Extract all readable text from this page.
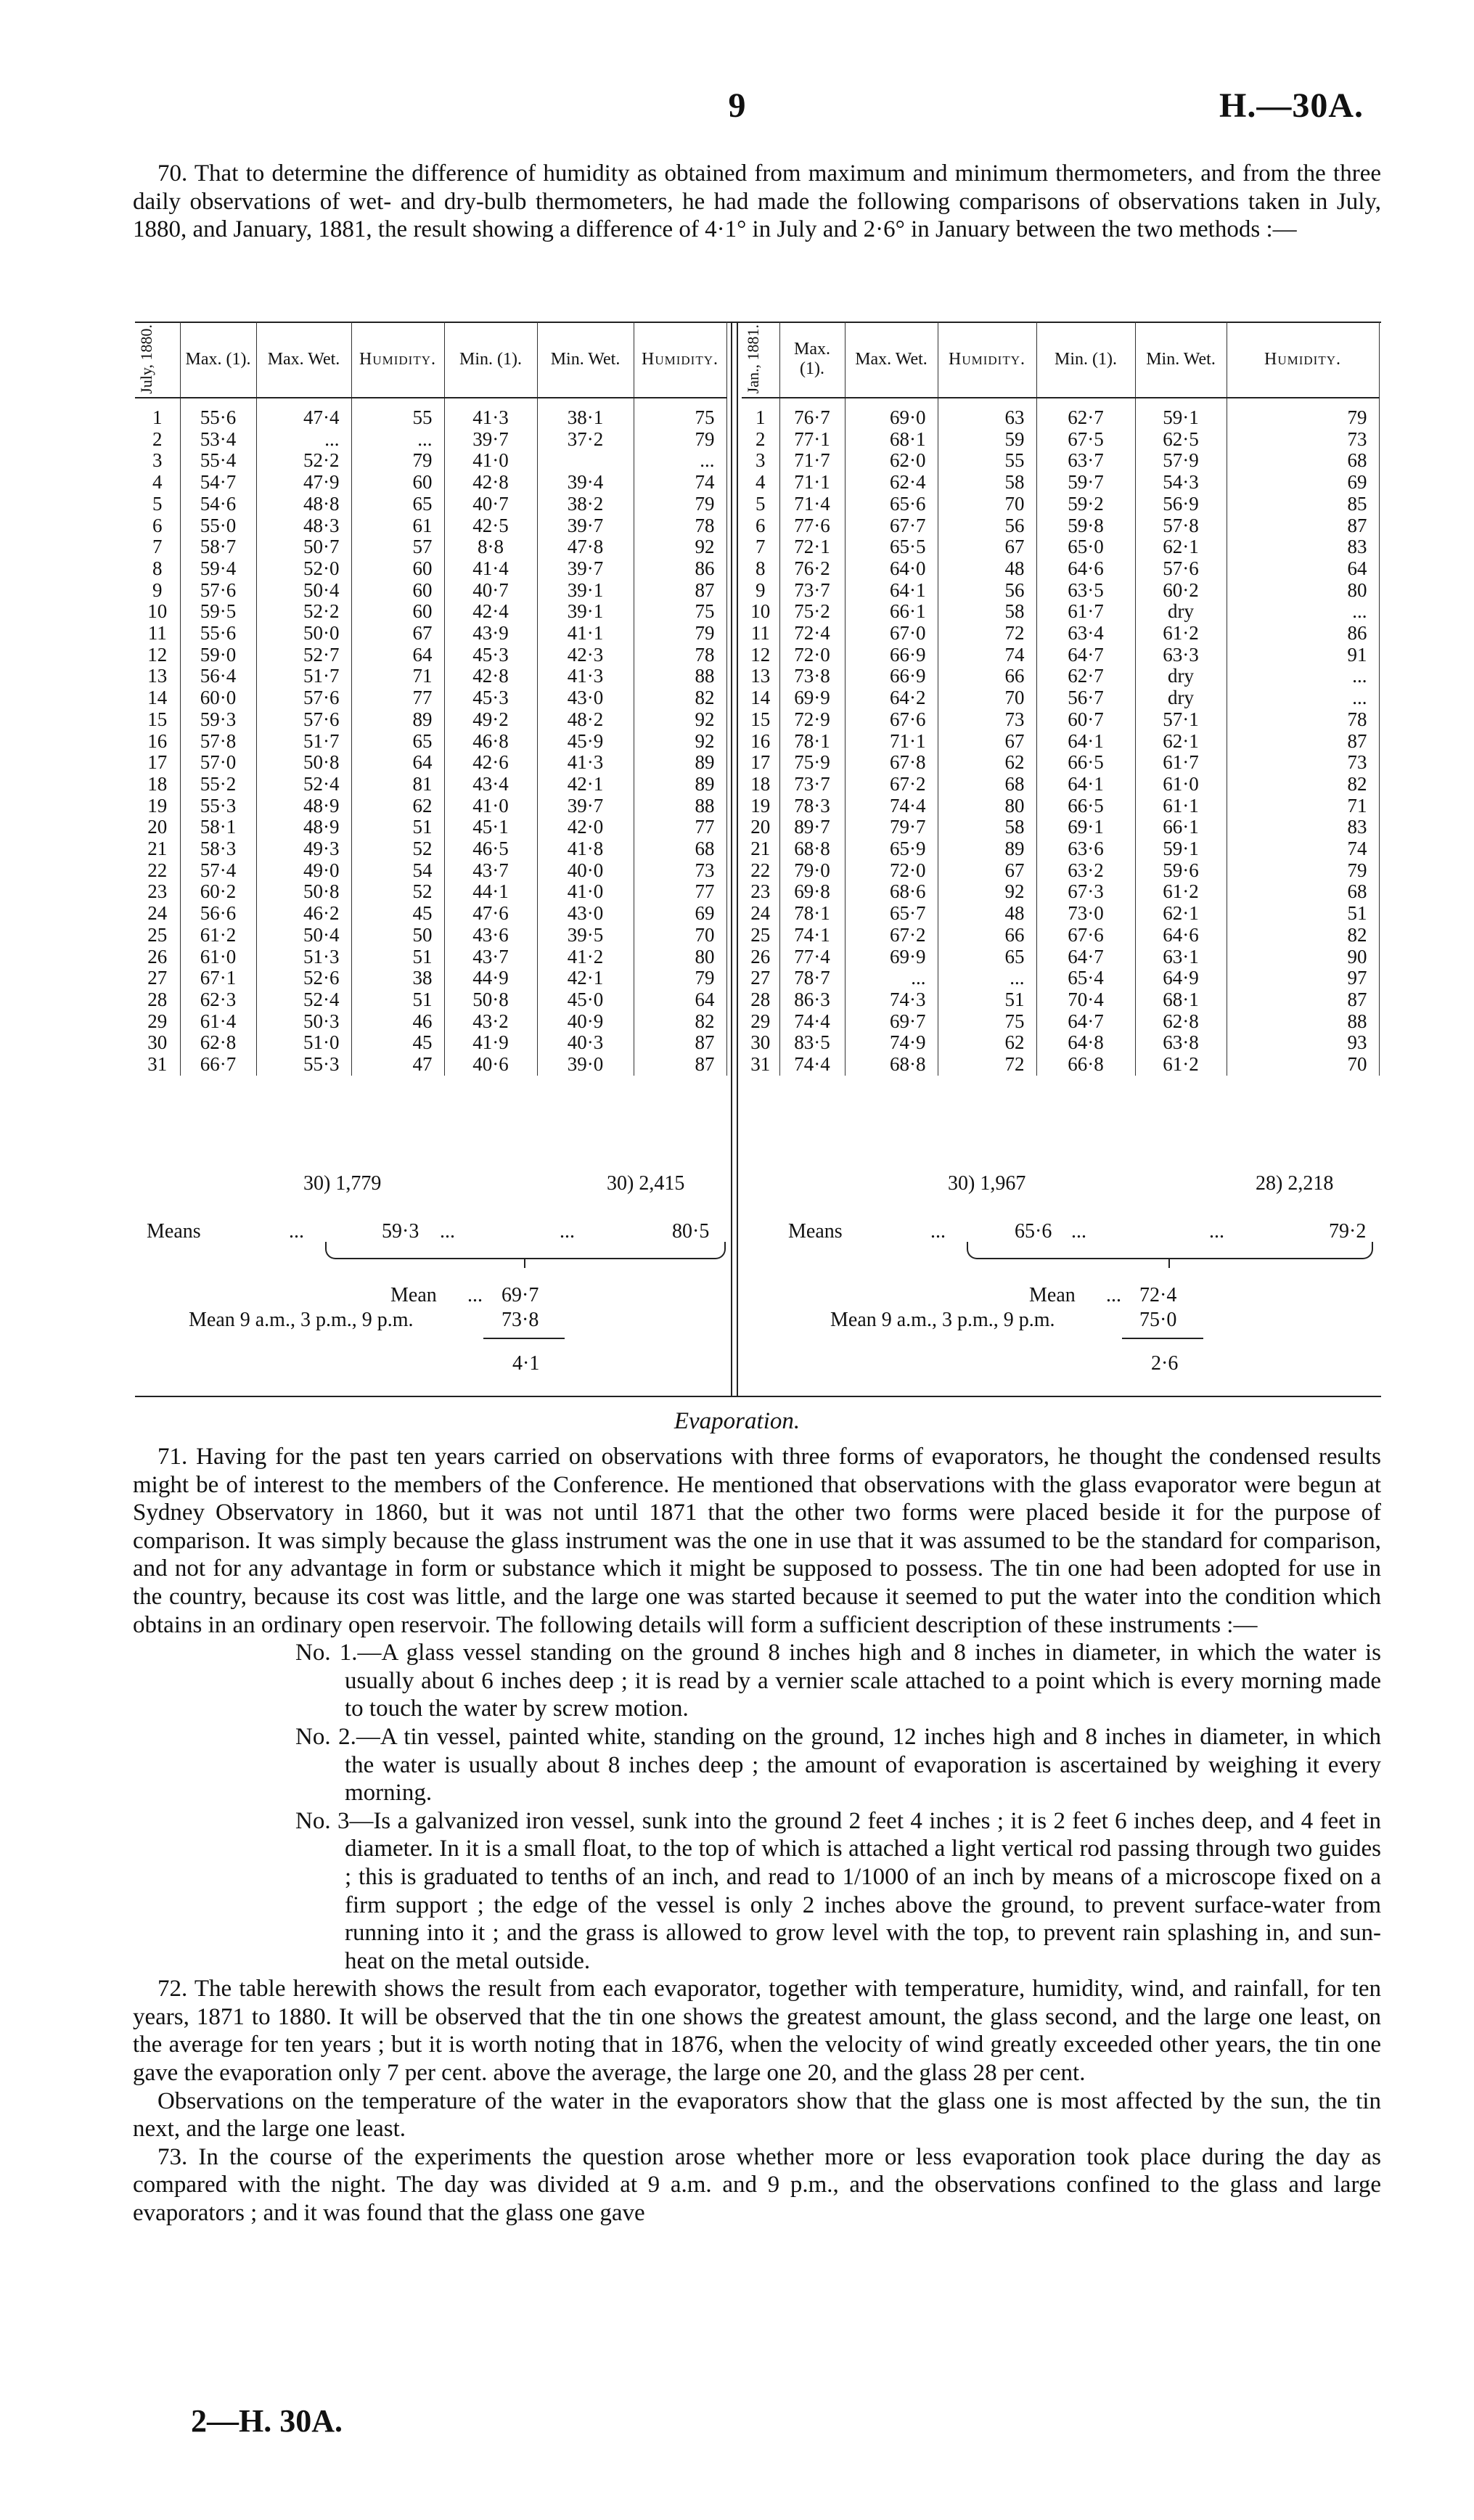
9	H.—30A.

70. That to determine the difference of humidity as obtained from maximum and minimum thermometers, and from the three daily observations of wet- and dry-bulb thermometers, he had made the following comparisons of observations taken in July, 1880, and January, 1881, the result showing a difference of 4·1° in July and 2·6° in January between the two methods :—

July, 1880.	Max. (1).	Max. Wet.	Humidity.	Min. (1).	Min. Wet.	Humidity.
1	55·6	47·4	55	41·3	38·1	75
2	53·4	...	...	39·7	37·2	79
3	55·4	52·2	79	41·0		...
4	54·7	47·9	60	42·8	39·4	74
5	54·6	48·8	65	40·7	38·2	79
6	55·0	48·3	61	42·5	39·7	78
7	58·7	50·7	57	8·8	47·8	92
8	59·4	52·0	60	41·4	39·7	86
9	57·6	50·4	60	40·7	39·1	87
10	59·5	52·2	60	42·4	39·1	75
11	55·6	50·0	67	43·9	41·1	79
12	59·0	52·7	64	45·3	42·3	78
13	56·4	51·7	71	42·8	41·3	88
14	60·0	57·6	77	45·3	43·0	82
15	59·3	57·6	89	49·2	48·2	92
16	57·8	51·7	65	46·8	45·9	92
17	57·0	50·8	64	42·6	41·3	89
18	55·2	52·4	81	43·4	42·1	89
19	55·3	48·9	62	41·0	39·7	88
20	58·1	48·9	51	45·1	42·0	77
21	58·3	49·3	52	46·5	41·8	68
22	57·4	49·0	54	43·7	40·0	73
23	60·2	50·8	52	44·1	41·0	77
24	56·6	46·2	45	47·6	43·0	69
25	61·2	50·4	50	43·6	39·5	70
26	61·0	51·3	51	43·7	41·2	80
27	67·1	52·6	38	44·9	42·1	79
28	62·3	52·4	51	50·8	45·0	64
29	61·4	50·3	46	43·2	40·9	82
30	62·8	51·0	45	41·9	40·3	87
31	66·7	55·3	47	40·6	39·0	87
Jan., 1881.	Max. (1).	Max. Wet.	Humidity.	Min. (1).	Min. Wet.	Humidity.
1	76·7	69·0	63	62·7	59·1	79
2	77·1	68·1	59	67·5	62·5	73
3	71·7	62·0	55	63·7	57·9	68
4	71·1	62·4	58	59·7	54·3	69
5	71·4	65·6	70	59·2	56·9	85
6	77·6	67·7	56	59·8	57·8	87
7	72·1	65·5	67	65·0	62·1	83
8	76·2	64·0	48	64·6	57·6	64
9	73·7	64·1	56	63·5	60·2	80
10	75·2	66·1	58	61·7	dry	...
11	72·4	67·0	72	63·4	61·2	86
12	72·0	66·9	74	64·7	63·3	91
13	73·8	66·9	66	62·7	dry	...
14	69·9	64·2	70	56·7	dry	...
15	72·9	67·6	73	60·7	57·1	78
16	78·1	71·1	67	64·1	62·1	87
17	75·9	67·8	62	66·5	61·7	73
18	73·7	67·2	68	64·1	61·0	82
19	78·3	74·4	80	66·5	61·1	71
20	89·7	79·7	58	69·1	66·1	83
21	68·8	65·9	89	63·6	59·1	74
22	79·0	72·0	67	63·2	59·6	79
23	69·8	68·6	92	67·3	61·2	68
24	78·1	65·7	48	73·0	62·1	51
25	74·1	67·2	66	67·6	64·6	82
26	77·4	69·9	65	64·7	63·1	90
27	78·7	...	...	65·4	64·9	97
28	86·3	74·3	51	70·4	68·1	87
29	74·4	69·7	75	64·7	62·8	88
30	83·5	74·9	62	64·8	63·8	93
31	74·4	68·8	72	66·8	61·2	70
30) 1,779	30) 2,415
Means	...	59·3 ...	...	80·5
Mean ... 69·7
Mean 9 a.m., 3 p.m., 9 p.m.	73·8
4·1
30) 1,967	28) 2,218
Means	...	65·6 ...	...	79·2
Mean ... 72·4
Mean 9 a.m., 3 p.m., 9 p.m.	75·0
2·6
Evaporation.

71. Having for the past ten years carried on observations with three forms of evaporators, he thought the condensed results might be of interest to the members of the Conference. He mentioned that observations with the glass evaporator were begun at Sydney Observatory in 1860, but it was not until 1871 that the other two forms were placed beside it for the purpose of comparison. It was simply because the glass instrument was the one in use that it was assumed to be the standard for comparison, and not for any advantage in form or substance which it might be supposed to possess. The tin one had been adopted for use in the country, because its cost was little, and the large one was started because it seemed to put the water into the condition which obtains in an ordinary open reservoir. The following details will form a sufficient description of these instruments :—

No. 1.—A glass vessel standing on the ground 8 inches high and 8 inches in diameter, in which the water is usually about 6 inches deep ; it is read by a vernier scale attached to a point which is every morning made to touch the water by screw motion.

No. 2.—A tin vessel, painted white, standing on the ground, 12 inches high and 8 inches in diameter, in which the water is usually about 8 inches deep ; the amount of evaporation is ascertained by weighing it every morning.

No. 3—Is a galvanized iron vessel, sunk into the ground 2 feet 4 inches ; it is 2 feet 6 inches deep, and 4 feet in diameter. In it is a small float, to the top of which is attached a light vertical rod passing through two guides ; this is graduated to tenths of an inch, and read to 1/1000 of an inch by means of a microscope fixed on a firm support ; the edge of the vessel is only 2 inches above the ground, to prevent surface-water from running into it ; and the grass is allowed to grow level with the top, to prevent rain splashing in, and sun-heat on the metal outside.

72. The table herewith shows the result from each evaporator, together with temperature, humidity, wind, and rainfall, for ten years, 1871 to 1880. It will be observed that the tin one shows the greatest amount, the glass second, and the large one least, on the average for ten years ; but it is worth noting that in 1876, when the velocity of wind greatly exceeded other years, the tin one gave the evaporation only 7 per cent. above the average, the large one 20, and the glass 28 per cent.

Observations on the temperature of the water in the evaporators show that the glass one is most affected by the sun, the tin next, and the large one least.

73. In the course of the experiments the question arose whether more or less evaporation took place during the day as compared with the night. The day was divided at 9 a.m. and 9 p.m., and the observations confined to the glass and large evaporators ; and it was found that the glass one gave

2—H. 30A.
